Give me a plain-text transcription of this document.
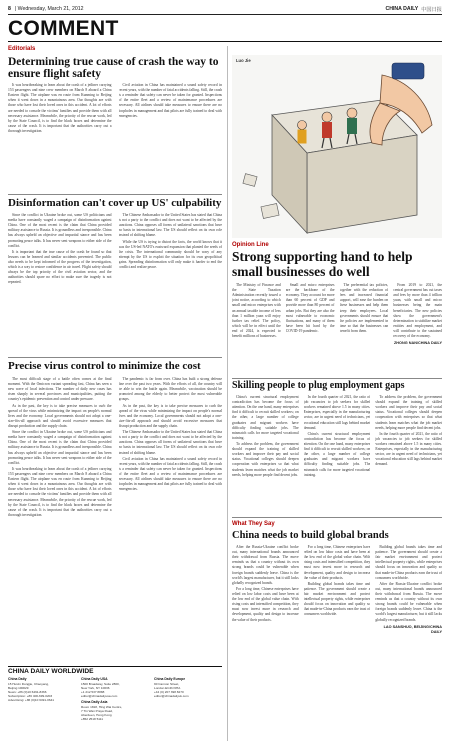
8 | Wednesday, March 21, 2012	CHINA DAILY 中国日报
COMMENT
Editorials
Determining true cause of crash the way to ensure flight safety

It was heartbreaking to learn about the crash of a jetliner carrying 153 passengers and nine crew members on March 8 aboard a China Eastern flight. The airplane was en route from Kunming to Beijing when it went down in a mountainous area. Our thoughts are with those who have lost their loved ones in this accident. A lot of efforts are needed to console the victims' families and provide them with all necessary assistance. Meanwhile, the priority of the rescue work, led by the State Council, is to find the black boxes and determine the cause of the crash. It is important that the authorities carry out a thorough investigation.

Civil aviation in China has maintained a sound safety record in recent years, with the number of fatal accidents falling. Still, the crash is a reminder that safety can never be taken for granted. Inspections of the entire fleet and a review of maintenance procedures are necessary. All airlines should take measures to ensure there are no loopholes in management and that pilots are fully trained to deal with emergencies.

Disinformation can't cover up US' culpability

Since the conflict in Ukraine broke out, some US politicians and media have constantly waged a campaign of disinformation against China. One of the most recent is the claim that China provided military assistance to Russia. It is groundless and irresponsible. China has always upheld an objective and impartial stance and has been promoting peace talks. It has never sent weapons to either side of the conflict.

It is important that the true cause of the crash be found so that lessons can be learned and similar accidents prevented. The public also needs to be kept informed of the progress of the investigation, which is a way to restore confidence in air travel. Flight safety should always be the top priority of the civil aviation sector, and the authorities should spare no effort to make sure the tragedy is not repeated.

The Chinese Ambassador to the United States has stated that China is not a party to the conflict and does not want to be affected by the sanctions. China opposes all forms of unilateral sanctions that have no basis in international law. The US should reflect on its own role instead of shifting blame.

While the US is trying to distort the facts, the world knows that it was the US-led NATO's eastward expansion that planted the seeds of the crisis. The international community should be wary of any attempt by the US to exploit the situation for its own geopolitical gains. Spreading disinformation will only make it harder to end the conflict and realize peace.

Precise virus control to minimize the cost

The most difficult stage of a battle often comes at the final moment. With the Omicron variant spreading fast, China has seen a new wave of local infections. The number of daily new cases has risen sharply in several provinces and municipalities, putting the country's epidemic prevention and control under pressure.

As in the past, the key is to take precise measures to curb the spread of the virus while minimizing the impact on people's normal lives and the economy. Local governments should not adopt a one-size-fits-all approach and should avoid excessive measures that disrupt production and the supply chain.

Since the conflict in Ukraine broke out, some US politicians and media have constantly waged a campaign of disinformation against China. One of the most recent is the claim that China provided military assistance to Russia. It is groundless and irresponsible. China has always upheld an objective and impartial stance and has been promoting peace talks. It has never sent weapons to either side of the conflict.

It was heartbreaking to learn about the crash of a jetliner carrying 153 passengers and nine crew members on March 8 aboard a China Eastern flight. The airplane was en route from Kunming to Beijing when it went down in a mountainous area. Our thoughts are with those who have lost their loved ones in this accident. A lot of efforts are needed to console the victims' families and provide them with all necessary assistance. Meanwhile, the priority of the rescue work, led by the State Council, is to find the black boxes and determine the cause of the crash. It is important that the authorities carry out a thorough investigation.

The pandemic is far from over. China has built a strong defense line over the past two years. With the efforts of all, the country will be able to win the battle again. Meanwhile, vaccination should be promoted among the elderly to better protect the most vulnerable groups.

As in the past, the key is to take precise measures to curb the spread of the virus while minimizing the impact on people's normal lives and the economy. Local governments should not adopt a one-size-fits-all approach and should avoid excessive measures that disrupt production and the supply chain.

The Chinese Ambassador to the United States has stated that China is not a party to the conflict and does not want to be affected by the sanctions. China opposes all forms of unilateral sanctions that have no basis in international law. The US should reflect on its own role instead of shifting blame.

Civil aviation in China has maintained a sound safety record in recent years, with the number of fatal accidents falling. Still, the crash is a reminder that safety can never be taken for granted. Inspections of the entire fleet and a review of maintenance procedures are necessary. All airlines should take measures to ensure there are no loopholes in management and that pilots are fully trained to deal with emergencies.

CHINA DAILY WORLDWIDE
China Daily
15 Huixin Dongjie, Chaoyang,
Beijing 100029
News: +86 (0)10 6491-8366
Subscription: +86 400-699-0203
Advertising: +86 (0)10 6491-0641
China Daily USA
1500 Broadway, Suite 2800,
New York, NY 10036
+1 212 537 8888
editor@chinadailyusa.com
China Daily Asia
Room 1818, Hing Wai Centre,
7 Tin Wan Praya Road,
Aberdeen, Hong Kong
+852 2518 5111
China Daily Europe
90 Cannon Street,
London EC4N 6HA
+44 (0) 207 398 8270
editor@chinadailyuk.com
Luo Jie
Opinion Line
Strong supporting hand to help small businesses do well

The Ministry of Finance and the State Taxation Administration recently issued a joint notice, according to which small and micro enterprises with an annual taxable income of less than 1 million yuan will enjoy further tax relief. The policy, which will be in effect until the end of 2024, is expected to benefit millions of businesses.

Small and micro enterprises are the backbone of the economy. They account for more than 60 percent of GDP and provide more than 80 percent of urban jobs. But they are also the most vulnerable to economic fluctuations, and many of them have been hit hard by the COVID-19 pandemic.

The preferential tax policies, together with the reduction of fees and increased financial support, will ease the burden on these businesses and help them keep their employees. Local governments should ensure that the policies are implemented in time so that the businesses can benefit from them.

From 2019 to 2021, the central government has cut taxes and fees by more than 4 trillion yuan, with small and micro businesses being the main beneficiaries. The new policies show the government's determination to stabilize market entities and employment, and will contribute to the sustained recovery of the economy.

ZHONG NAN/CHINA DAILY
Skilling people to plug employment gaps

China's current structural employment contradiction has become the focus of attention. On the one hand, many enterprises find it difficult to recruit skilled workers; on the other, a large number of college graduates and migrant workers have difficulty finding suitable jobs. The mismatch calls for more targeted vocational training.

To address the problem, the government should expand the training of skilled workers and improve their pay and social status. Vocational colleges should deepen cooperation with enterprises so that what students learn matches what the job market needs, helping more people find decent jobs.

In the fourth quarter of 2021, the ratio of job vacancies to job seekers for skilled workers remained above 1.5 in many cities. Enterprises, especially in the manufacturing sector, are in urgent need of technicians, yet vocational education still lags behind market demand.

China's current structural employment contradiction has become the focus of attention. On the one hand, many enterprises find it difficult to recruit skilled workers; on the other, a large number of college graduates and migrant workers have difficulty finding suitable jobs. The mismatch calls for more targeted vocational training.

To address the problem, the government should expand the training of skilled workers and improve their pay and social status. Vocational colleges should deepen cooperation with enterprises so that what students learn matches what the job market needs, helping more people find decent jobs.

In the fourth quarter of 2021, the ratio of job vacancies to job seekers for skilled workers remained above 1.5 in many cities. Enterprises, especially in the manufacturing sector, are in urgent need of technicians, yet vocational education still lags behind market demand.

What They Say
China needs to build global brands

After the Russia-Ukraine conflict broke out, many international brands announced their withdrawal from Russia. The move reminds us that a country without its own strong brands could be vulnerable when foreign brands suddenly leave. China is the world's largest manufacturer, but it still lacks globally recognized brands.

For a long time, Chinese enterprises have relied on low labor costs and have been at the low end of the global value chain. With rising costs and intensified competition, they must now invest more in research and development, quality and design to increase the value of their products.

For a long time, Chinese enterprises have relied on low labor costs and have been at the low end of the global value chain. With rising costs and intensified competition, they must now invest more in research and development, quality and design to increase the value of their products.

Building global brands takes time and patience. The government should create a fair market environment and protect intellectual property rights, while enterprises should focus on innovation and quality so that made-in-China products earn the trust of consumers worldwide.

Building global brands takes time and patience. The government should create a fair market environment and protect intellectual property rights, while enterprises should focus on innovation and quality so that made-in-China products earn the trust of consumers worldwide.

After the Russia-Ukraine conflict broke out, many international brands announced their withdrawal from Russia. The move reminds us that a country without its own strong brands could be vulnerable when foreign brands suddenly leave. China is the world's largest manufacturer, but it still lacks globally recognized brands.

LAO SANSHUO, BEIJING/CHINA DAILY
